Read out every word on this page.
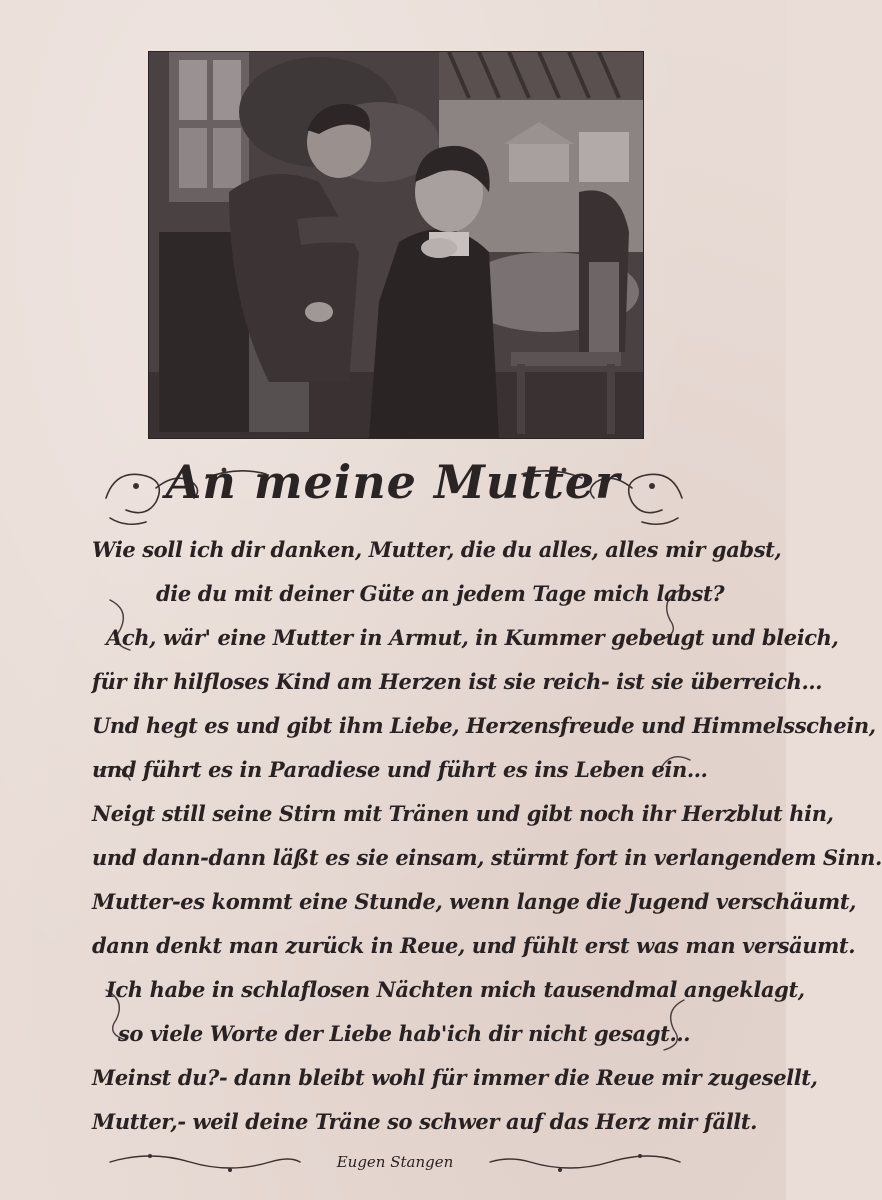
An meine Mutter
Wie soll ich dir danken, Mutter, die du alles, alles mir gabst,
die du mit deiner Güte an jedem Tage mich labst?
Ach, wär' eine Mutter in Armut, in Kummer gebeugt und bleich,
für ihr hilfloses Kind am Herzen ist sie reich- ist sie überreich…
Und hegt es und gibt ihm Liebe, Herzensfreude und Himmelsschein,
und führt es in Paradiese und führt es ins Leben ein…
Neigt still seine Stirn mit Tränen und gibt noch ihr Herzblut hin,
und dann-dann läßt es sie einsam, stürmt fort in verlangendem Sinn.
Mutter-es kommt eine Stunde, wenn lange die Jugend verschäumt,
dann denkt man zurück in Reue, und fühlt erst was man versäumt.
Ich habe in schlaflosen Nächten mich tausendmal angeklagt,
so viele Worte der Liebe hab'ich dir nicht gesagt…
Meinst du?- dann bleibt wohl für immer die Reue mir zugesellt,
Mutter,- weil deine Träne so schwer auf das Herz mir fällt.
Eugen Stangen
